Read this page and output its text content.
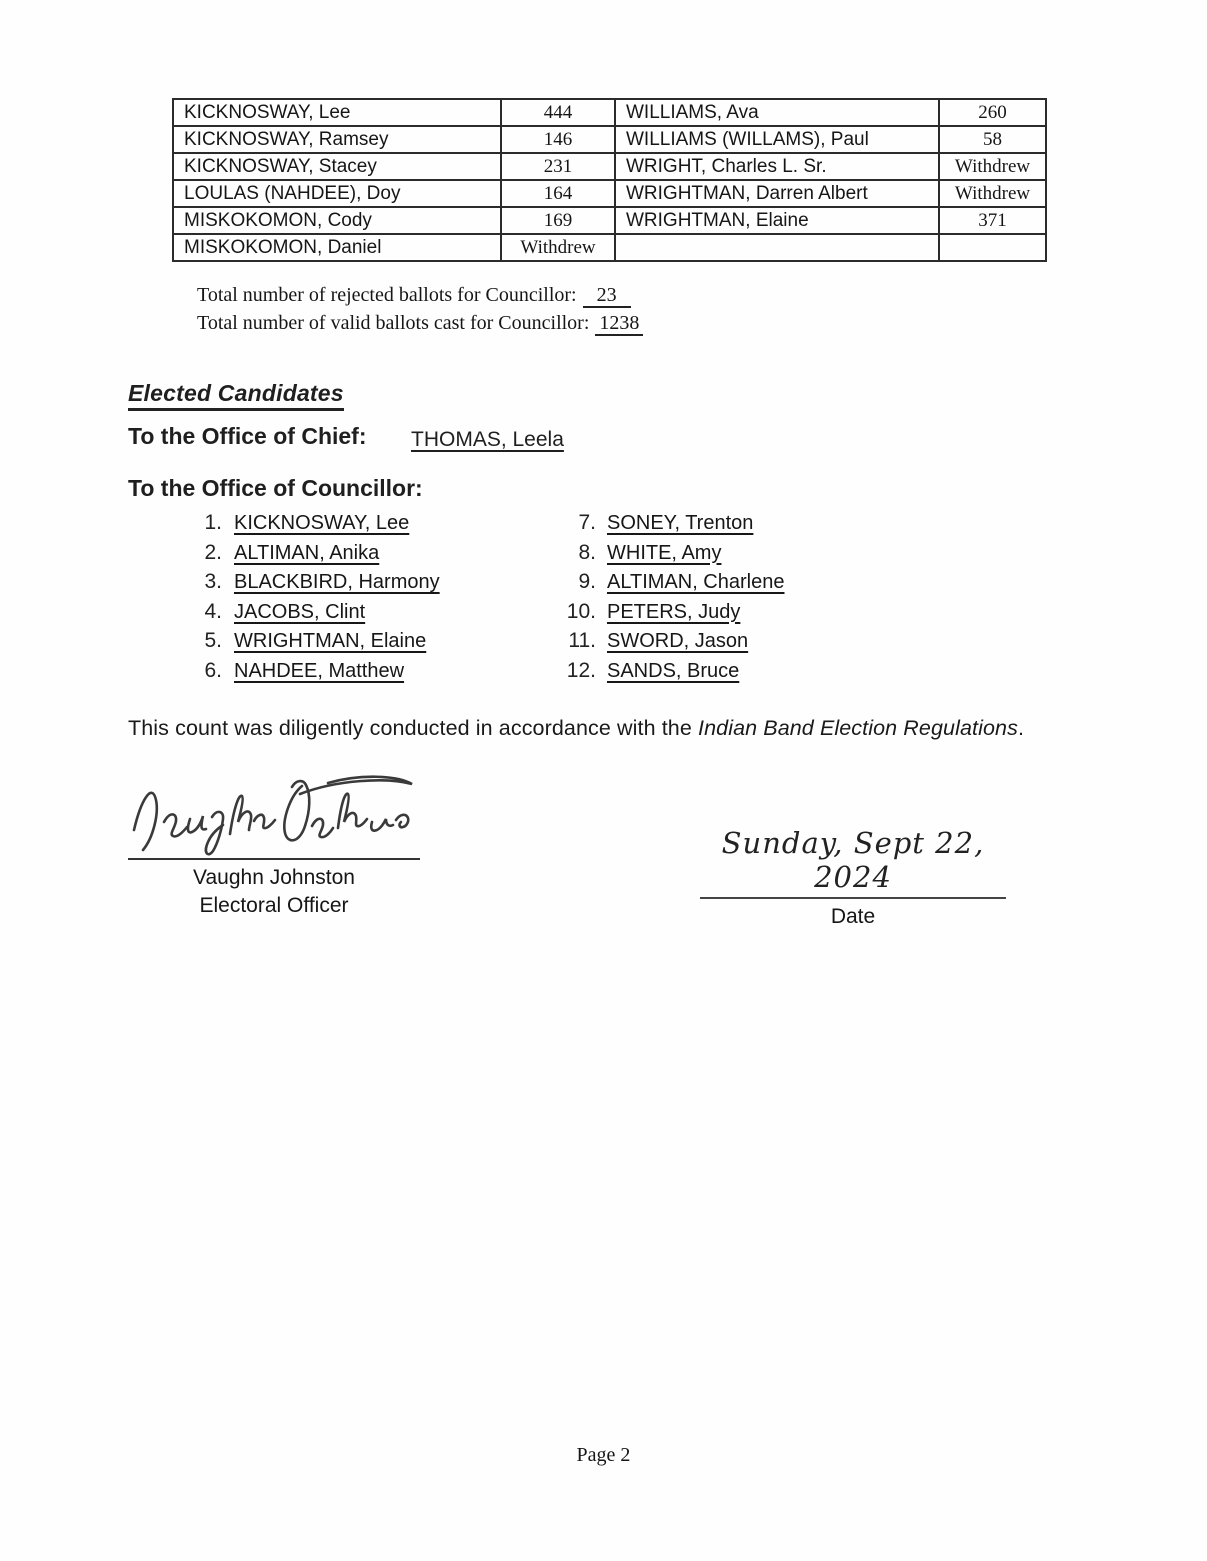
KICKNOSWAY, Lee	444	WILLIAMS, Ava	260
KICKNOSWAY, Ramsey	146	WILLIAMS (WILLAMS), Paul	58
KICKNOSWAY, Stacey	231	WRIGHT, Charles L. Sr.	Withdrew
LOULAS (NAHDEE), Doy	164	WRIGHTMAN, Darren Albert	Withdrew
MISKOKOMON, Cody	169	WRIGHTMAN, Elaine	371
MISKOKOMON, Daniel	Withdrew		
Total number of rejected ballots for Councillor: 23
Total number of valid ballots cast for Councillor: 1238
Elected Candidates
To the Office of Chief: THOMAS, Leela
To the Office of Councillor:
1. KICKNOSWAY, Lee
2. ALTIMAN, Anika
3. BLACKBIRD, Harmony
4. JACOBS, Clint
5. WRIGHTMAN, Elaine
6. NAHDEE, Matthew
7. SONEY, Trenton
8. WHITE, Amy
9. ALTIMAN, Charlene
10. PETERS, Judy
11. SWORD, Jason
12. SANDS, Bruce
This count was diligently conducted in accordance with the Indian Band Election Regulations.
Vaughn Johnston
Electoral Officer
Sunday, Sept 22, 2024
Date
Page 2
